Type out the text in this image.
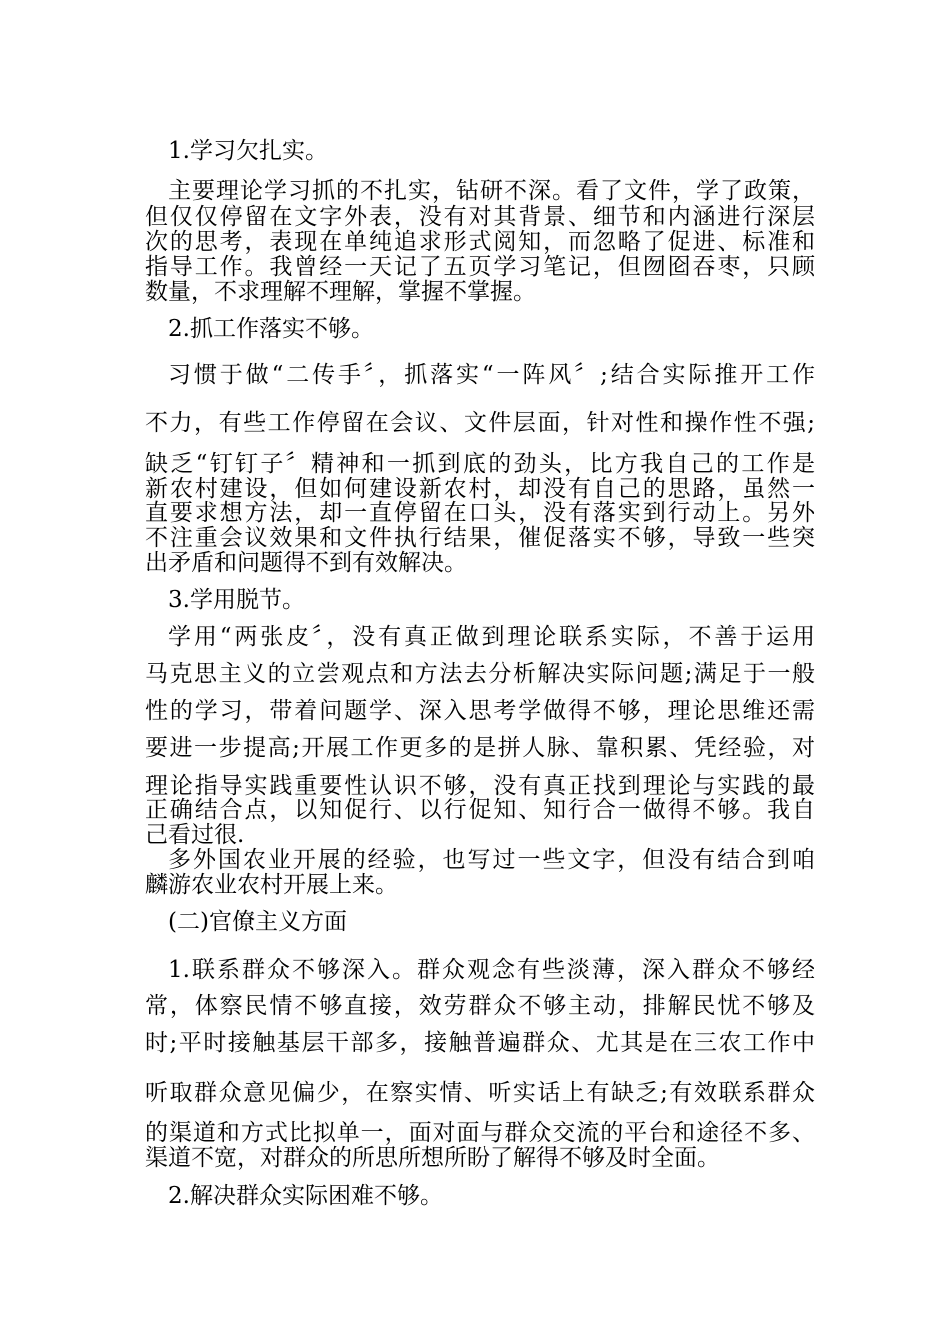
1.学习欠扎实。
主要理论学习抓的不扎实，钻研不深。看了文件，学了政策，
但仅仅停留在文字外表，没有对其背景、细节和内涵进行深层
次的思考，表现在单纯追求形式阅知，而忽略了促进、标准和
指导工作。我曾经一天记了五页学习笔记，但囫囵吞枣，只顾
数量，不求理解不理解，掌握不掌握。
2.抓工作落实不够。
习惯于做“二传手〞，抓落实“一阵风〞;结合实际推开工作
不力，有些工作停留在会议、文件层面，针对性和操作性不强;
缺乏“钉钉子〞精神和一抓到底的劲头，比方我自己的工作是
新农村建设，但如何建设新农村，却没有自己的思路，虽然一
直要求想方法，却一直停留在口头，没有落实到行动上。另外
不注重会议效果和文件执行结果，催促落实不够，导致一些突
出矛盾和问题得不到有效解决。
3.学用脱节。
学用“两张皮〞，没有真正做到理论联系实际，不善于运用
马克思主义的立尝观点和方法去分析解决实际问题;满足于一般
性的学习，带着问题学、深入思考学做得不够，理论思维还需
要进一步提高;开展工作更多的是拼人脉、靠积累、凭经验，对
理论指导实践重要性认识不够，没有真正找到理论与实践的最
正确结合点，以知促行、以行促知、知行合一做得不够。我自
己看过很.
多外国农业开展的经验，也写过一些文字，但没有结合到咱
麟游农业农村开展上来。
(二)官僚主义方面
1.联系群众不够深入。群众观念有些淡薄，深入群众不够经
常，体察民情不够直接，效劳群众不够主动，排解民忧不够及
时;平时接触基层干部多，接触普遍群众、尤其是在三农工作中
听取群众意见偏少，在察实情、听实话上有缺乏;有效联系群众
的渠道和方式比拟单一，面对面与群众交流的平台和途径不多、
渠道不宽，对群众的所思所想所盼了解得不够及时全面。
2.解决群众实际困难不够。
